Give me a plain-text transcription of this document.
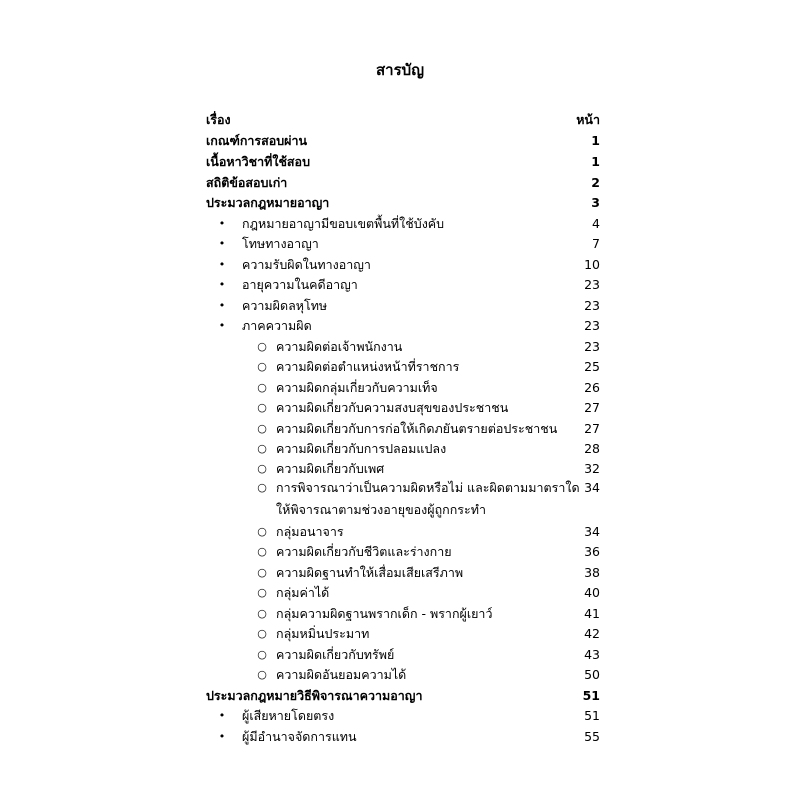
สารบัญ
เรื่อง	หน้า
เกณฑ์การสอบผ่าน	1
เนื้อหาวิชาที่ใช้สอบ	1
สถิติข้อสอบเก่า	2
ประมวลกฎหมายอาญา	3
• กฎหมายอาญามีขอบเขตพื้นที่ใช้บังคับ	4
• โทษทางอาญา	7
• ความรับผิดในทางอาญา	10
• อายุความในคดีอาญา	23
• ความผิดลหุโทษ	23
• ภาคความผิด	23
○ ความผิดต่อเจ้าพนักงาน	23
○ ความผิดต่อตำแหน่งหน้าที่ราชการ	25
○ ความผิดกลุ่มเกี่ยวกับความเท็จ	26
○ ความผิดเกี่ยวกับความสงบสุขของประชาชน	27
○ ความผิดเกี่ยวกับการก่อให้เกิดภยันตรายต่อประชาชน 27
○ ความผิดเกี่ยวกับการปลอมแปลง	28
○ ความผิดเกี่ยวกับเพศ	32
○ การพิจารณาว่าเป็นความผิดหรือไม่ และผิดตามมาตราใด 34
ให้พิจารณาตามช่วงอายุของผู้ถูกกระทำ
○ กลุ่มอนาจาร	34
○ ความผิดเกี่ยวกับชีวิตและร่างกาย	36
○ ความผิดฐานทำให้เสื่อมเสียเสรีภาพ	38
○ กลุ่มค่าได้	40
○ กลุ่มความผิดฐานพรากเด็ก - พรากผู้เยาว์	41
○ กลุ่มหมิ่นประมาท	42
○ ความผิดเกี่ยวกับทรัพย์	43
○ ความผิดอันยอมความได้	50
ประมวลกฎหมายวิธีพิจารณาความอาญา	51
• ผู้เสียหายโดยตรง	51
• ผู้มีอำนาจจัดการแทน	55
